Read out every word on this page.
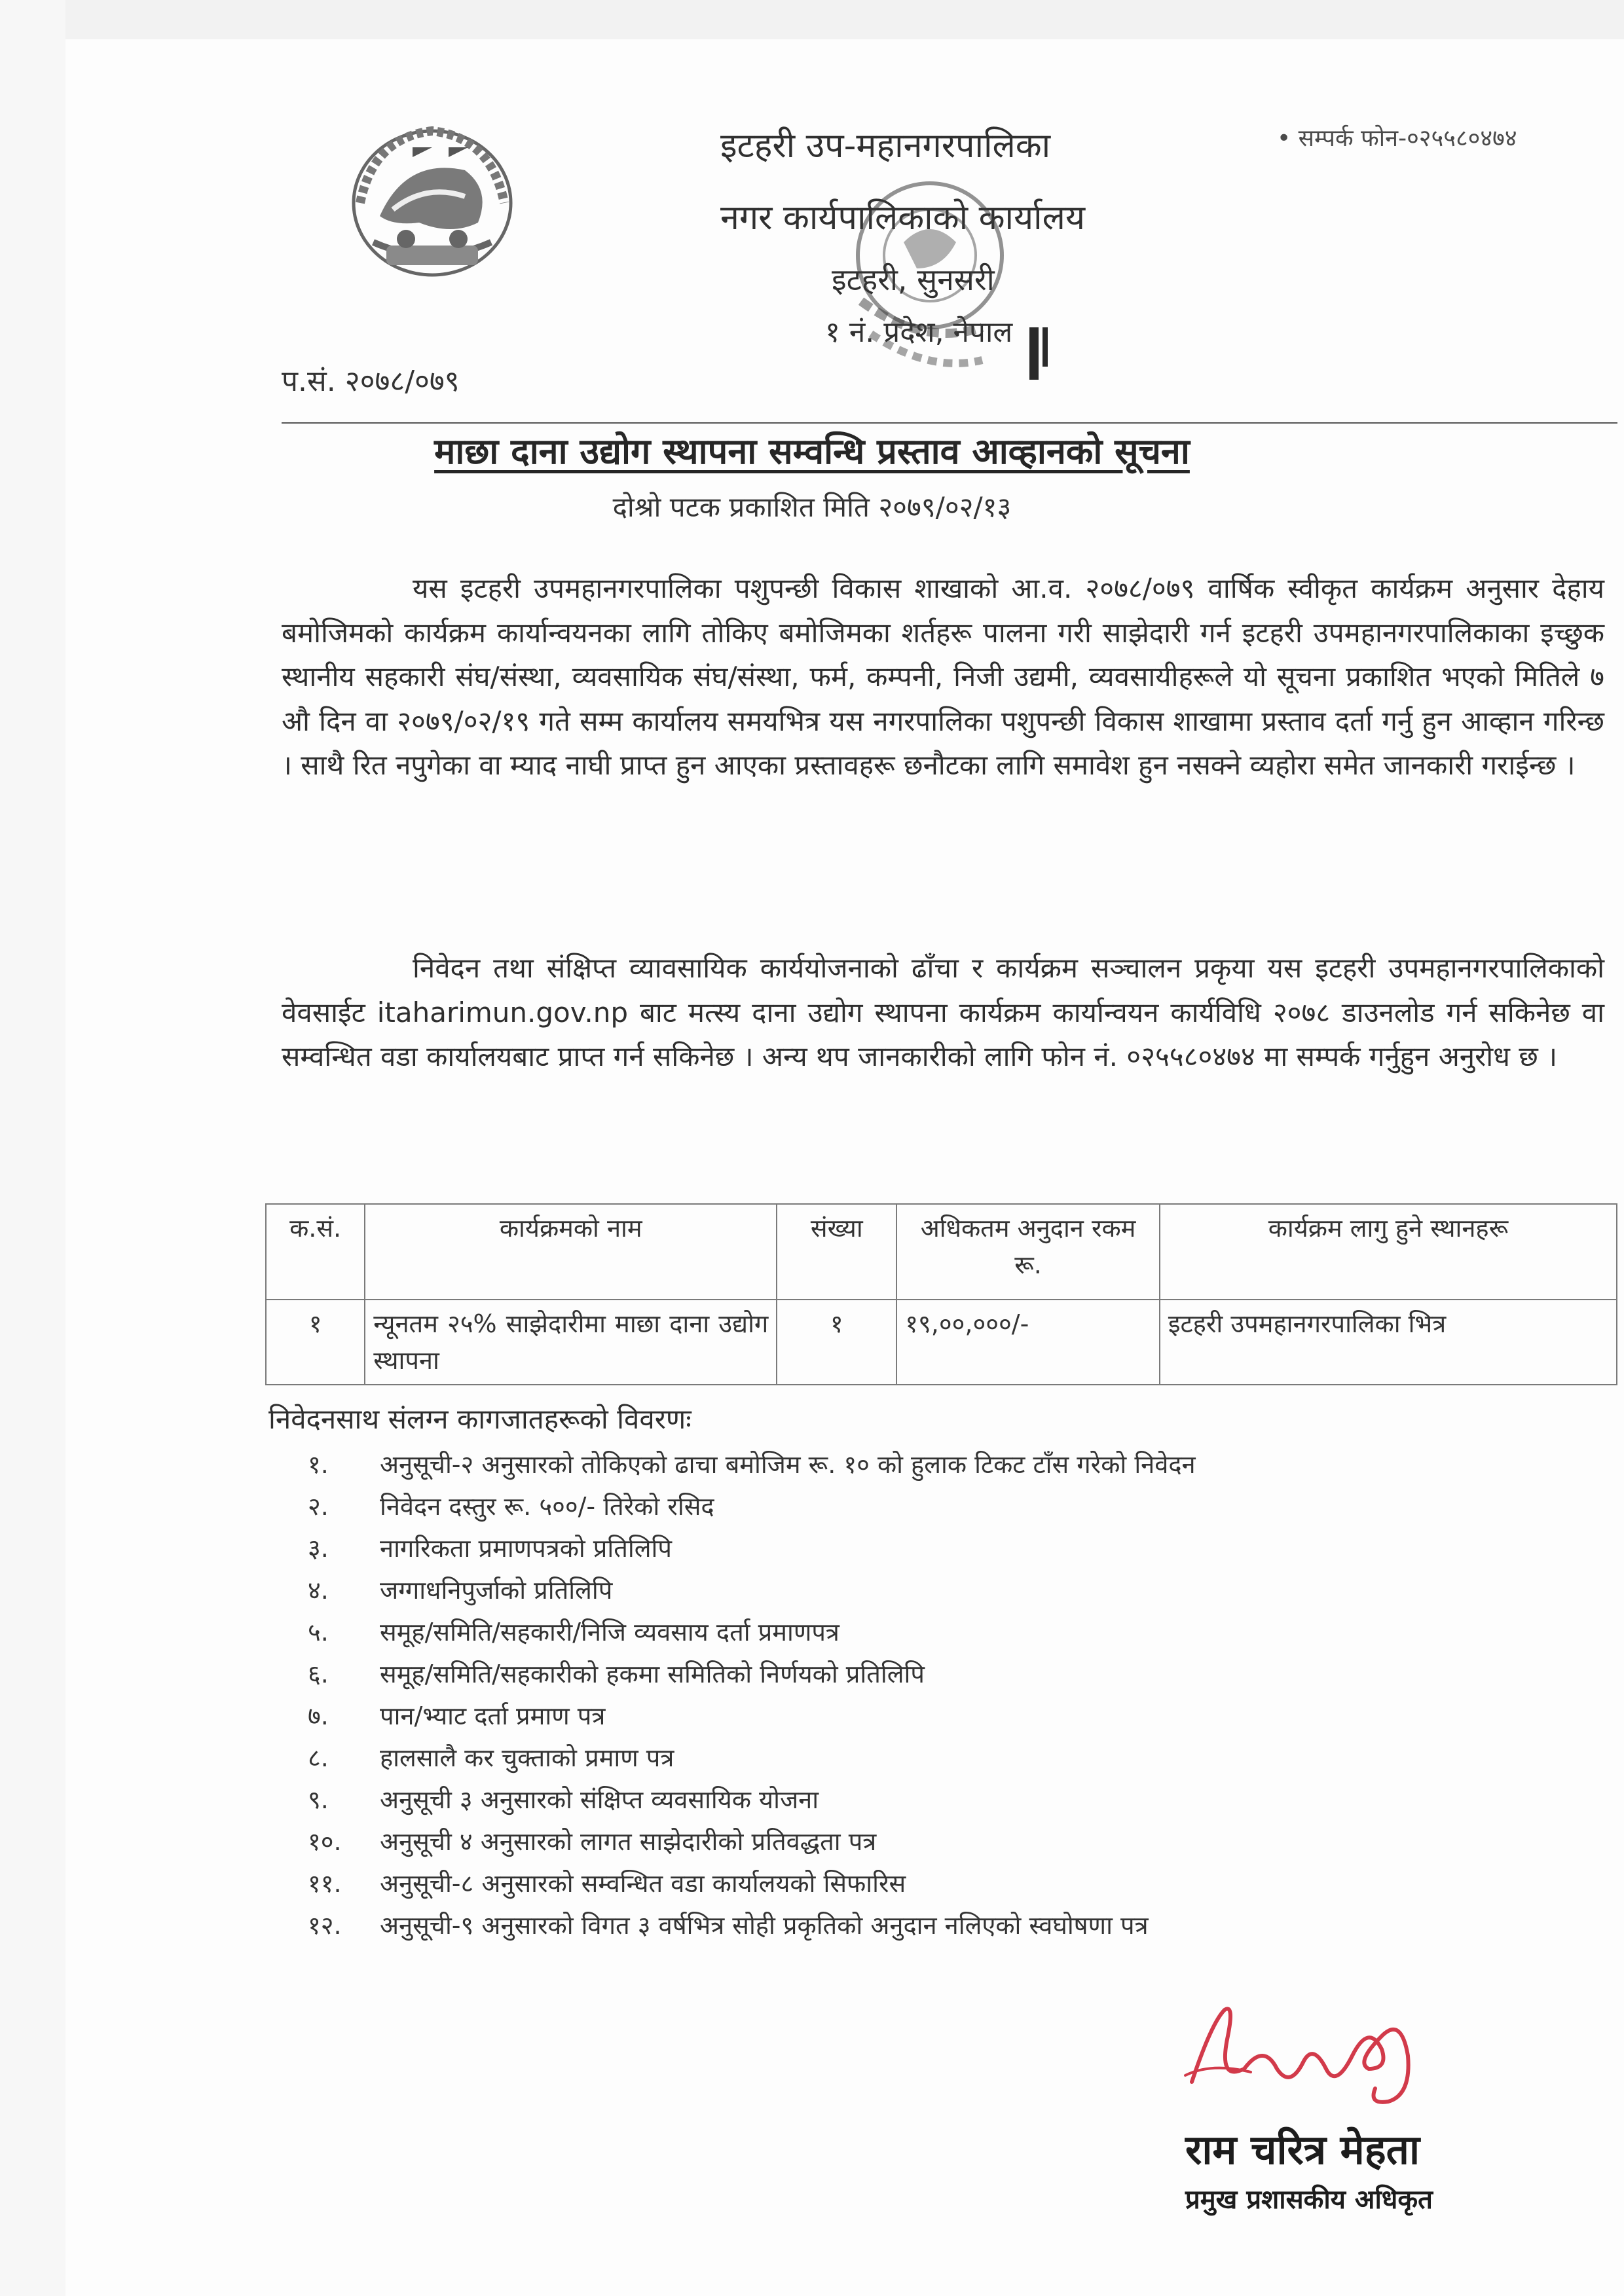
इटहरी उप-महानगरपालिका
नगर कार्यपालिकाको कार्यालय
इटहरी, सुनसरी
१ नं. प्रदेश, नेपाल
• सम्पर्क फोन-०२५५८०४७४
प.सं. २०७८/०७९
माछा दाना उद्योग स्थापना सम्वन्धि प्रस्ताव आव्हानको सूचना
दोश्रो पटक प्रकाशित मिति २०७९/०२/१३

यस इटहरी उपमहानगरपालिका पशुपन्छी विकास शाखाको आ.व. २०७८/०७९ वार्षिक स्वीकृत कार्यक्रम अनुसार देहाय बमोजिमको कार्यक्रम कार्यान्वयनका लागि तोकिए बमोजिमका शर्तहरू पालना गरी साझेदारी गर्न इटहरी उपमहानगरपालिकाका इच्छुक स्थानीय सहकारी संघ/संस्था, व्यवसायिक संघ/संस्था, फर्म, कम्पनी, निजी उद्यमी, व्यवसायीहरूले यो सूचना प्रकाशित भएको मितिले ७ औ दिन वा २०७९/०२/१९ गते सम्म कार्यालय समयभित्र यस नगरपालिका पशुपन्छी विकास शाखामा प्रस्ताव दर्ता गर्नु हुन आव्हान गरिन्छ । साथै रित नपुगेका वा म्याद नाघी प्राप्त हुन आएका प्रस्तावहरू छनौटका लागि समावेश हुन नसक्ने व्यहोरा समेत जानकारी गराईन्छ ।

निवेदन तथा संक्षिप्त व्यावसायिक कार्ययोजनाको ढाँचा र कार्यक्रम सञ्चालन प्रकृया यस इटहरी उपमहानगरपालिकाको वेवसाईट itaharimun.gov.np बाट मत्स्य दाना उद्योग स्थापना कार्यक्रम कार्यान्वयन कार्यविधि २०७८ डाउनलोड गर्न सकिनेछ वा सम्वन्धित वडा कार्यालयबाट प्राप्त गर्न सकिनेछ । अन्य थप जानकारीको लागि फोन नं. ०२५५८०४७४ मा सम्पर्क गर्नुहुन अनुरोध छ ।

क.सं.	कार्यक्रमको नाम	संख्या	अधिकतम अनुदान रकम रू.	कार्यक्रम लागु हुने स्थानहरू
१	न्यूनतम २५% साझेदारीमा माछा दाना उद्योग स्थापना	१	१९,००,०००/-	इटहरी उपमहानगरपालिका भित्र
निवेदनसाथ संलग्न कागजातहरूको विवरणः
१. अनुसूची-२ अनुसारको तोकिएको ढाचा बमोजिम रू. १० को हुलाक टिकट टाँस गरेको निवेदन
२. निवेदन दस्तुर रू. ५००/- तिरेको रसिद
३. नागरिकता प्रमाणपत्रको प्रतिलिपि
४. जग्गाधनिपुर्जाको प्रतिलिपि
५. समूह/समिति/सहकारी/निजि व्यवसाय दर्ता प्रमाणपत्र
६. समूह/समिति/सहकारीको हकमा समितिको निर्णयको प्रतिलिपि
७. पान/भ्याट दर्ता प्रमाण पत्र
८. हालसालै कर चुक्ताको प्रमाण पत्र
९. अनुसूची ३ अनुसारको संक्षिप्त व्यवसायिक योजना
१०. अनुसूची ४ अनुसारको लागत साझेदारीको प्रतिवद्धता पत्र
११. अनुसूची-८ अनुसारको सम्वन्धित वडा कार्यालयको सिफारिस
१२. अनुसूची-९ अनुसारको विगत ३ वर्षभित्र सोही प्रकृतिको अनुदान नलिएको स्वघोषणा पत्र
राम चरित्र मेहता
प्रमुख प्रशासकीय अधिकृत
